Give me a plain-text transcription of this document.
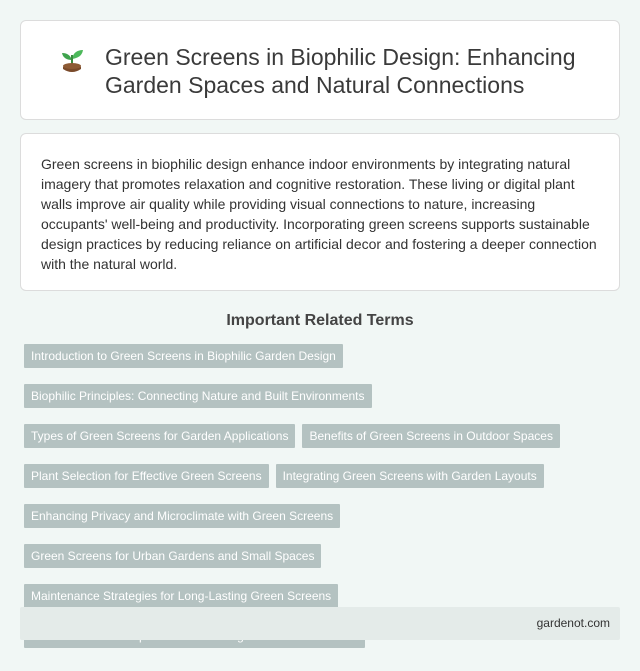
Green Screens in Biophilic Design: Enhancing Garden Spaces and Natural Connections

Green screens in biophilic design enhance indoor environments by integrating natural imagery that promotes relaxation and cognitive restoration. These living or digital plant walls improve air quality while providing visual connections to nature, increasing occupants' well-being and productivity. Incorporating green screens supports sustainable design practices by reducing reliance on artificial decor and fostering a deeper connection with the natural world.

Important Related Terms
Introduction to Green Screens in Biophilic Garden Design
Biophilic Principles: Connecting Nature and Built Environments
Types of Green Screens for Garden Applications	Benefits of Green Screens in Outdoor Spaces
Plant Selection for Effective Green Screens	Integrating Green Screens with Garden Layouts
Enhancing Privacy and Microclimate with Green Screens
Green Screens for Urban Gardens and Small Spaces
Maintenance Strategies for Long-Lasting Green Screens
gardenot.com
